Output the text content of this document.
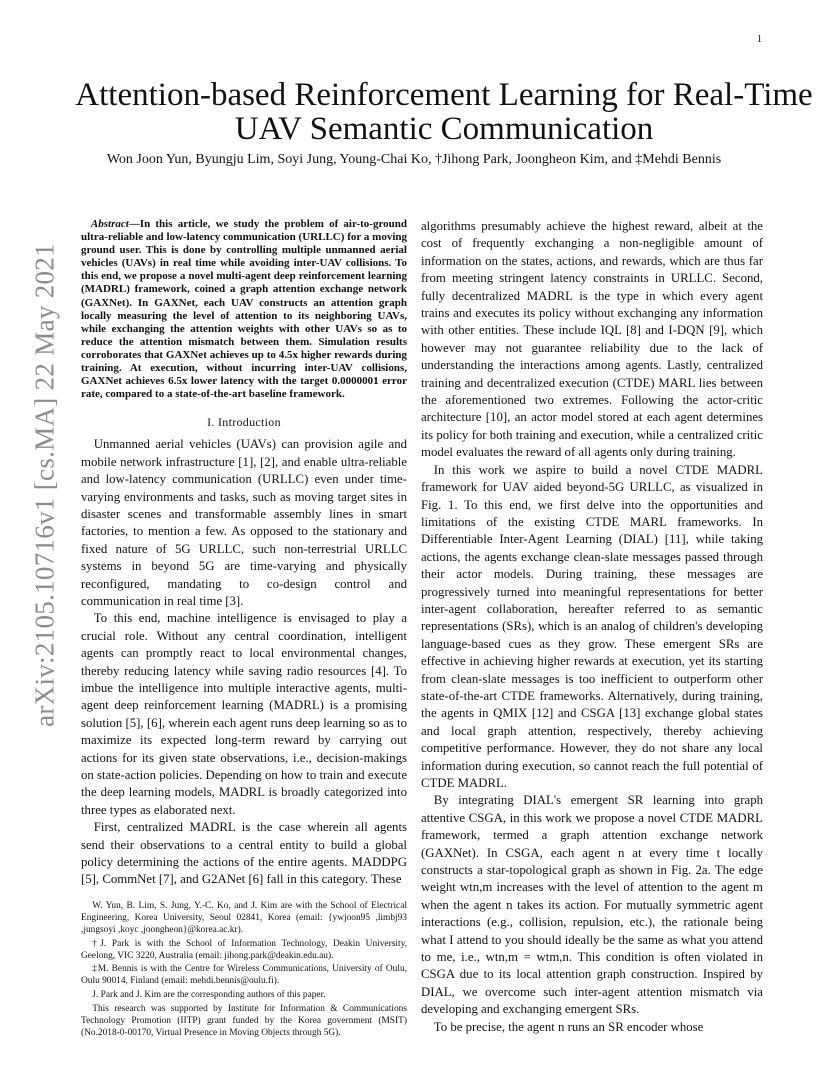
1
arXiv:2105.10716v1 [cs.MA] 22 May 2021
Attention-based Reinforcement Learning for Real-Time UAV Semantic Communication
Won Joon Yun, Byungju Lim, Soyi Jung, Young-Chai Ko, †Jihong Park, Joongheon Kim, and ‡Mehdi Bennis

Abstract—In this article, we study the problem of air-to-ground ultra-reliable and low-latency communication (URLLC) for a moving ground user. This is done by controlling multiple unmanned aerial vehicles (UAVs) in real time while avoiding inter-UAV collisions. To this end, we propose a novel multi-agent deep reinforcement learning (MADRL) framework, coined a graph attention exchange network (GAXNet). In GAXNet, each UAV constructs an attention graph locally measuring the level of attention to its neighboring UAVs, while exchanging the attention weights with other UAVs so as to reduce the attention mismatch between them. Simulation results corroborates that GAXNet achieves up to 4.5x higher rewards during training. At execution, without incurring inter-UAV collisions, GAXNet achieves 6.5x lower latency with the target 0.0000001 error rate, compared to a state-of-the-art baseline framework.

I. Introduction

Unmanned aerial vehicles (UAVs) can provision agile and mobile network infrastructure [1], [2], and enable ultra-reliable and low-latency communication (URLLC) even under time-varying environments and tasks, such as moving target sites in disaster scenes and transformable assembly lines in smart factories, to mention a few. As opposed to the stationary and fixed nature of 5G URLLC, such non-terrestrial URLLC systems in beyond 5G are time-varying and physically reconfigured, mandating to co-design control and communication in real time [3].

To this end, machine intelligence is envisaged to play a crucial role. Without any central coordination, intelligent agents can promptly react to local environmental changes, thereby reducing latency while saving radio resources [4]. To imbue the intelligence into multiple interactive agents, multi-agent deep reinforcement learning (MADRL) is a promising solution [5], [6], wherein each agent runs deep learning so as to maximize its expected long-term reward by carrying out actions for its given state observations, i.e., decision-makings on state-action policies. Depending on how to train and execute the deep learning models, MADRL is broadly categorized into three types as elaborated next.

First, centralized MADRL is the case wherein all agents send their observations to a central entity to build a global policy determining the actions of the entire agents. MADDPG [5], CommNet [7], and G2ANet [6] fall in this category. These

W. Yun, B. Lim, S. Jung, Y.-C. Ko, and J. Kim are with the School of Electrical Engineering, Korea University, Seoul 02841, Korea (email: {ywjoon95 ,limbj93 ,jungsoyi ,koyc ,joongheon}@korea.ac.kr).

†J. Park is with the School of Information Technology, Deakin University, Geelong, VIC 3220, Australia (email: jihong.park@deakin.edu.au).

‡M. Bennis is with the Centre for Wireless Communications, University of Oulu, Oulu 90014, Finland (email: mehdi.bennis@oulu.fi).

J. Park and J. Kim are the corresponding authors of this paper.

This research was supported by Institute for Information & Communications Technology Promotion (IITP) grant funded by the Korea government (MSIT) (No.2018-0-00170, Virtual Presence in Moving Objects through 5G).

algorithms presumably achieve the highest reward, albeit at the cost of frequently exchanging a non-negligible amount of information on the states, actions, and rewards, which are thus far from meeting stringent latency constraints in URLLC. Second, fully decentralized MADRL is the type in which every agent trains and executes its policy without exchanging any information with other entities. These include IQL [8] and I-DQN [9], which however may not guarantee reliability due to the lack of understanding the interactions among agents. Lastly, centralized training and decentralized execution (CTDE) MARL lies between the aforementioned two extremes. Following the actor-critic architecture [10], an actor model stored at each agent determines its policy for both training and execution, while a centralized critic model evaluates the reward of all agents only during training.

In this work we aspire to build a novel CTDE MADRL framework for UAV aided beyond-5G URLLC, as visualized in Fig. 1. To this end, we first delve into the opportunities and limitations of the existing CTDE MARL frameworks. In Differentiable Inter-Agent Learning (DIAL) [11], while taking actions, the agents exchange clean-slate messages passed through their actor models. During training, these messages are progressively turned into meaningful representations for better inter-agent collaboration, hereafter referred to as semantic representations (SRs), which is an analog of children's developing language-based cues as they grow. These emergent SRs are effective in achieving higher rewards at execution, yet its starting from clean-slate messages is too inefficient to outperform other state-of-the-art CTDE frameworks. Alternatively, during training, the agents in QMIX [12] and CSGA [13] exchange global states and local graph attention, respectively, thereby achieving competitive performance. However, they do not share any local information during execution, so cannot reach the full potential of CTDE MADRL.

By integrating DIAL's emergent SR learning into graph attentive CSGA, in this work we propose a novel CTDE MADRL framework, termed a graph attention exchange network (GAXNet). In CSGA, each agent n at every time t locally constructs a star-topological graph as shown in Fig. 2a. The edge weight wtn,m increases with the level of attention to the agent m when the agent n takes its action. For mutually symmetric agent interactions (e.g., collision, repulsion, etc.), the rationale being what I attend to you should ideally be the same as what you attend to me, i.e., wtn,m = wtm,n. This condition is often violated in CSGA due to its local attention graph construction. Inspired by DIAL, we overcome such inter-agent attention mismatch via developing and exchanging emergent SRs.

To be precise, the agent n runs an SR encoder whose
